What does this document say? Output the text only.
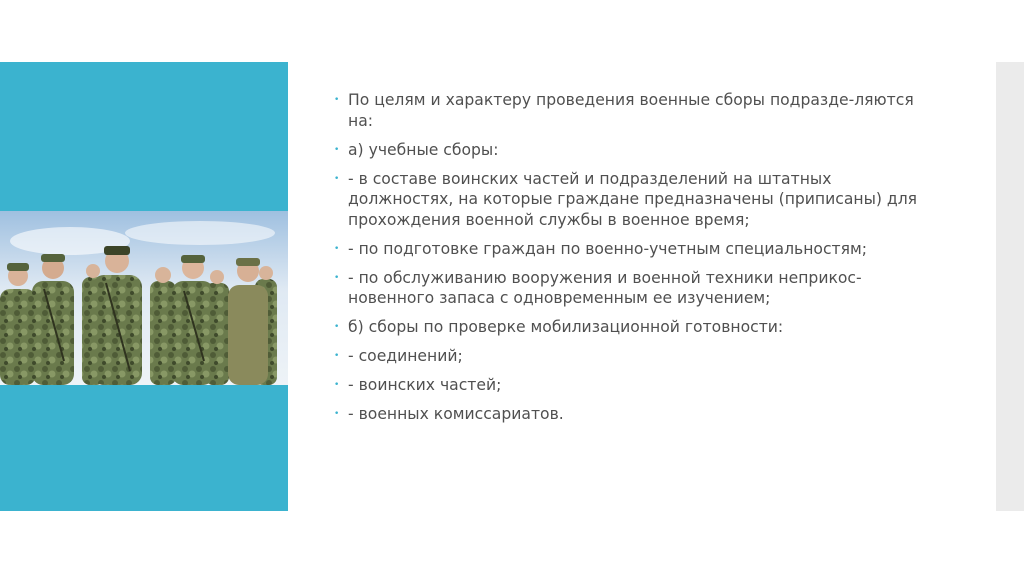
• По целям и характеру проведения военные сборы подразде-ляются на:
• а) учебные сборы:
• - в составе воинских частей и подразделений на штатных должностях, на которые граждане предназначены (приписаны) для прохождения военной службы в военное время;
• - по подготовке граждан по военно-учетным специальностям;
• - по обслуживанию вооружения и военной техники неприкос-новенного запаса с одновременным ее изучением;
• б) сборы по проверке мобилизационной готовности:
• - соединений;
• - воинских частей;
• - военных комиссариатов.
